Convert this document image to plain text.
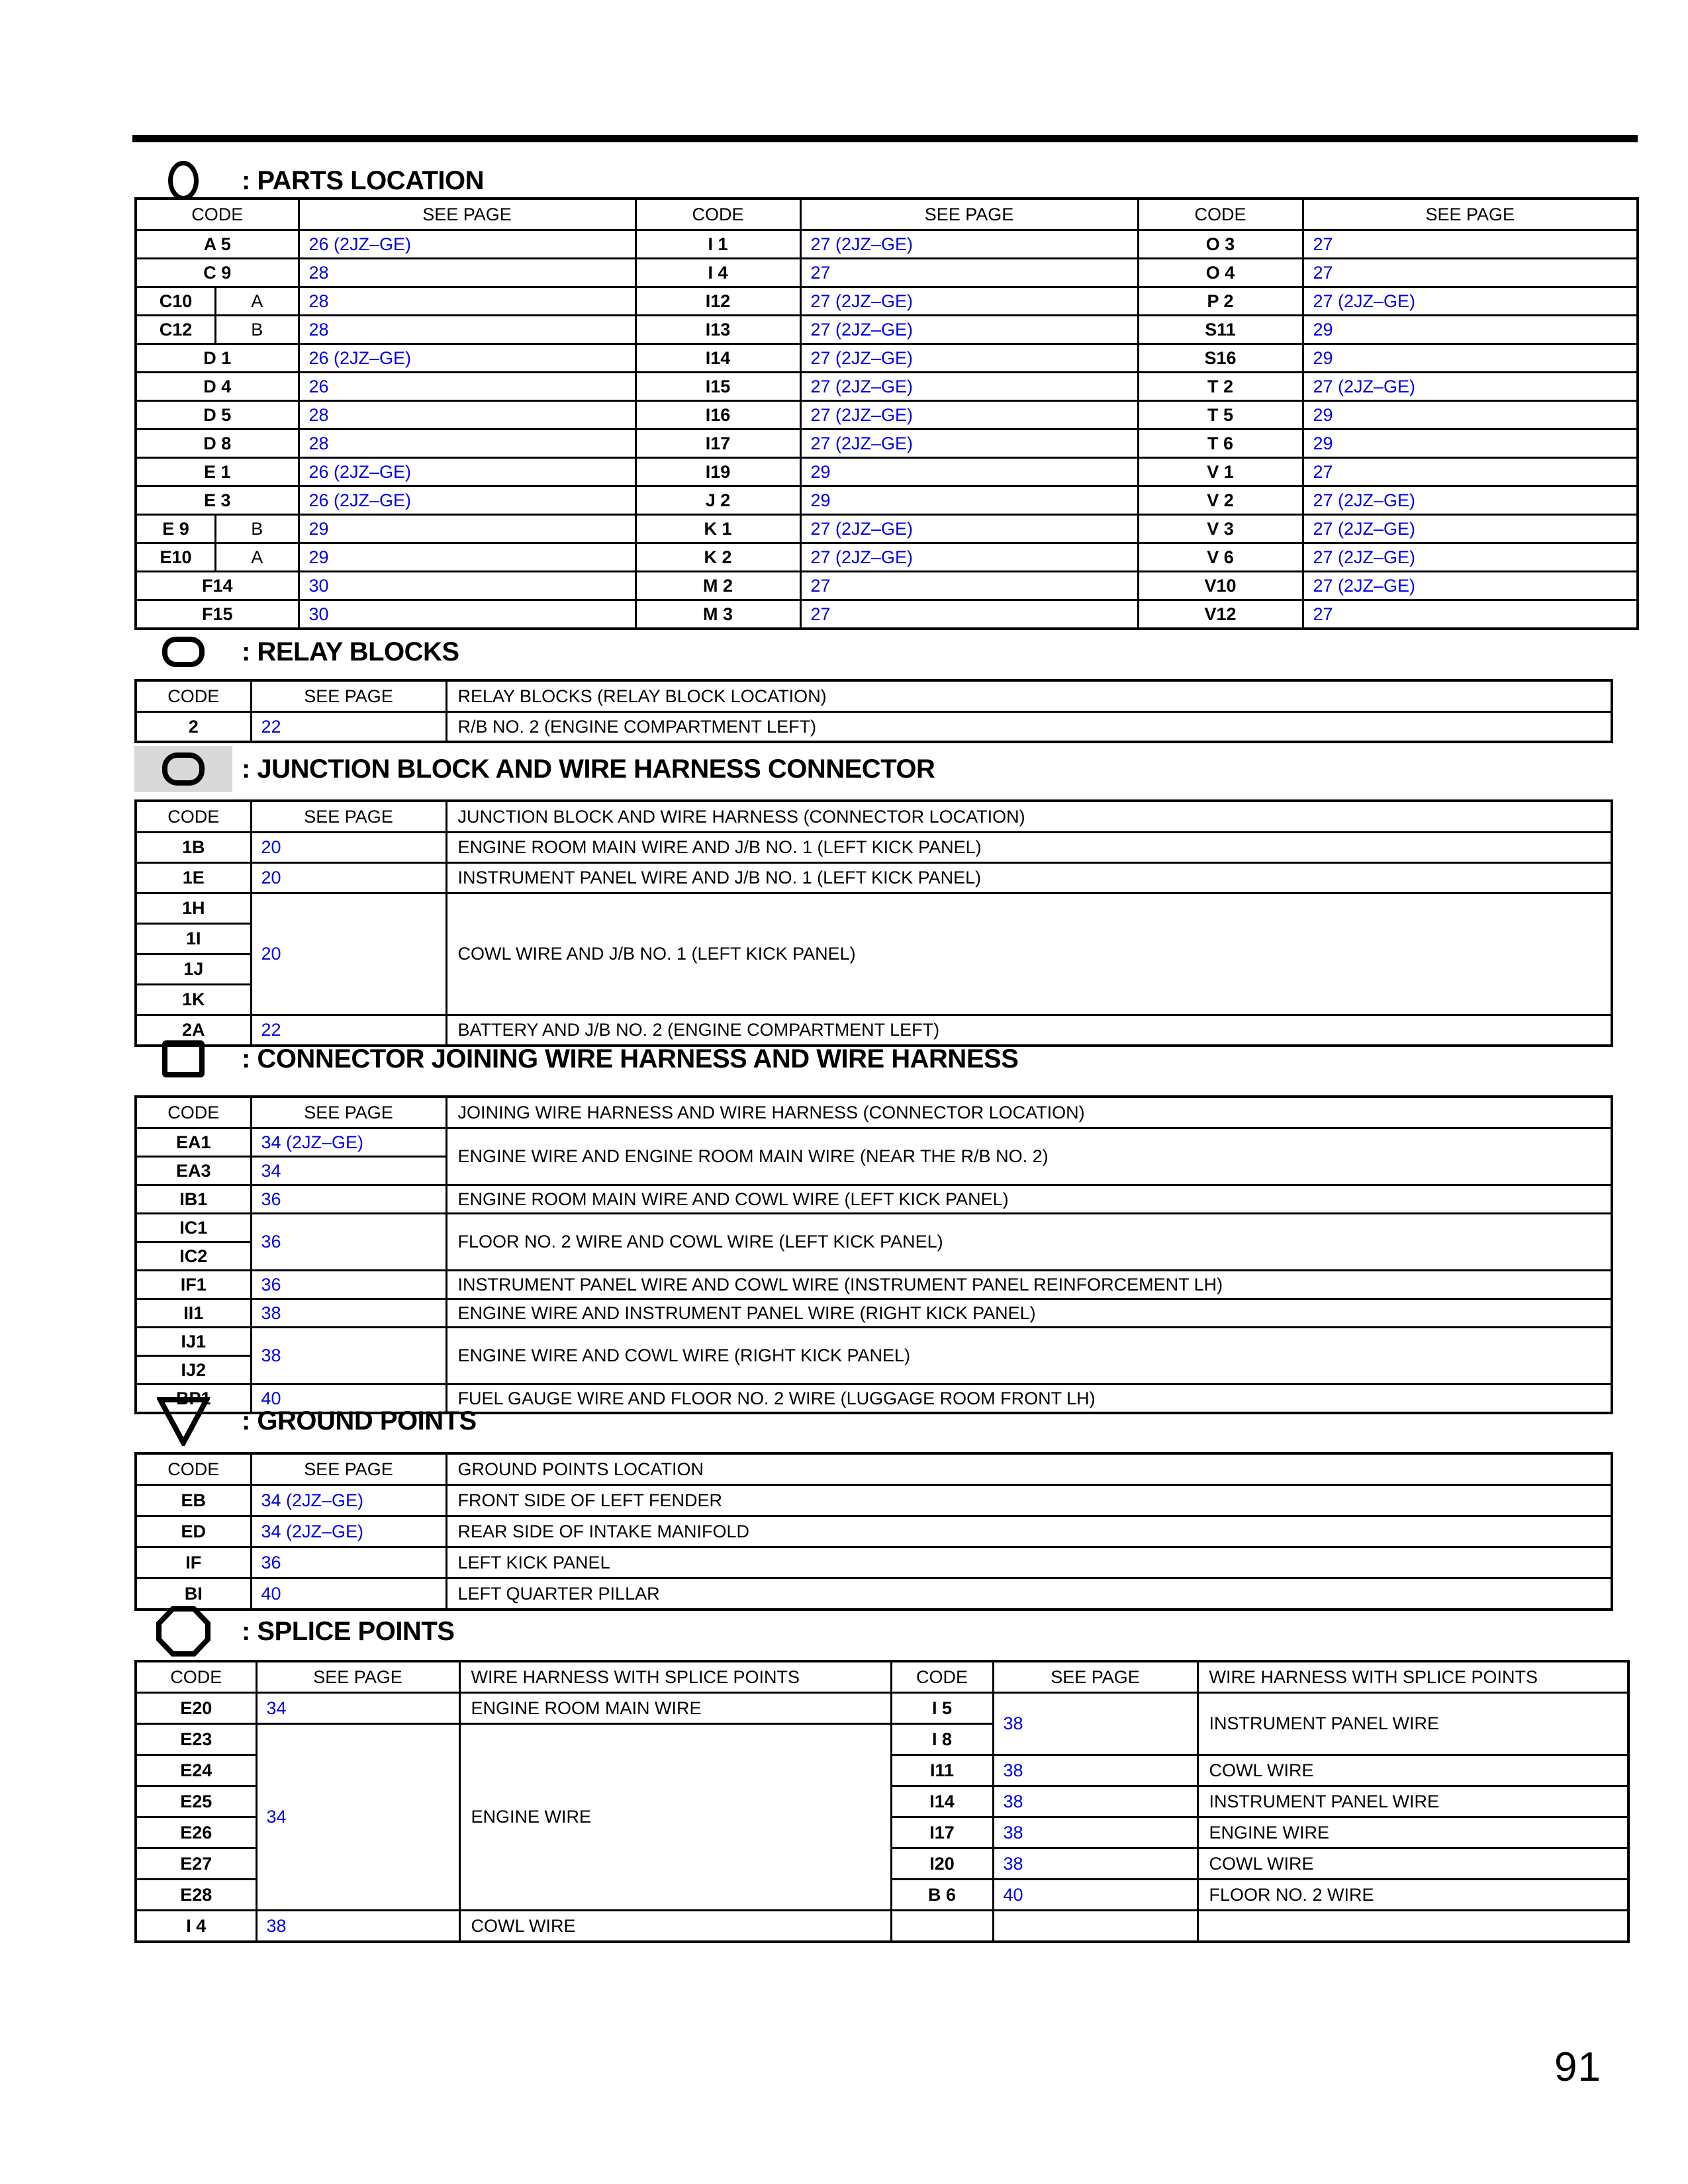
: PARTS LOCATION
CODE	SEE PAGE	CODE	SEE PAGE	CODE	SEE PAGE
A 5	26 (2JZ–GE)	I 1	27 (2JZ–GE)	O 3	27
C 9	28	I 4	27	O 4	27

C10 A	28	I12	27 (2JZ–GE)	P 2	27 (2JZ–GE)

C12 B	28	I13	27 (2JZ–GE)	S11	29
D 1	26 (2JZ–GE)	I14	27 (2JZ–GE)	S16	29
D 4	26	I15	27 (2JZ–GE)	T 2	27 (2JZ–GE)
D 5	28	I16	27 (2JZ–GE)	T 5	29
D 8	28	I17	27 (2JZ–GE)	T 6	29
E 1	26 (2JZ–GE)	I19	29	V 1	27
E 3	26 (2JZ–GE)	J 2	29	V 2	27 (2JZ–GE)

E 9 B	29	K 1	27 (2JZ–GE)	V 3	27 (2JZ–GE)

E10 A	29	K 2	27 (2JZ–GE)	V 6	27 (2JZ–GE)
F14	30	M 2	27	V10	27 (2JZ–GE)
F15	30	M 3	27	V12	27
: RELAY BLOCKS
CODE	SEE PAGE	RELAY BLOCKS (RELAY BLOCK LOCATION)
2	22	R/B NO. 2 (ENGINE COMPARTMENT LEFT)
: JUNCTION BLOCK AND WIRE HARNESS CONNECTOR
CODE	SEE PAGE	JUNCTION BLOCK AND WIRE HARNESS (CONNECTOR LOCATION)
1B	20	ENGINE ROOM MAIN WIRE AND J/B NO. 1 (LEFT KICK PANEL)
1E	20	INSTRUMENT PANEL WIRE AND J/B NO. 1 (LEFT KICK PANEL)
1H	20	COWL WIRE AND J/B NO. 1 (LEFT KICK PANEL)
1I		
1J		
1K		
2A	22	BATTERY AND J/B NO. 2 (ENGINE COMPARTMENT LEFT)
: CONNECTOR JOINING WIRE HARNESS AND WIRE HARNESS
CODE	SEE PAGE	JOINING WIRE HARNESS AND WIRE HARNESS (CONNECTOR LOCATION)
EA1	34 (2JZ–GE)	ENGINE WIRE AND ENGINE ROOM MAIN WIRE (NEAR THE R/B NO. 2)
EA3	34	
IB1	36	ENGINE ROOM MAIN WIRE AND COWL WIRE (LEFT KICK PANEL)
IC1	36	FLOOR NO. 2 WIRE AND COWL WIRE (LEFT KICK PANEL)
IC2		
IF1	36	INSTRUMENT PANEL WIRE AND COWL WIRE (INSTRUMENT PANEL REINFORCEMENT LH)
II1	38	ENGINE WIRE AND INSTRUMENT PANEL WIRE (RIGHT KICK PANEL)
IJ1	38	ENGINE WIRE AND COWL WIRE (RIGHT KICK PANEL)
IJ2		
BP1	40	FUEL GAUGE WIRE AND FLOOR NO. 2 WIRE (LUGGAGE ROOM FRONT LH)
: GROUND POINTS
CODE	SEE PAGE	GROUND POINTS LOCATION
EB	34 (2JZ–GE)	FRONT SIDE OF LEFT FENDER
ED	34 (2JZ–GE)	REAR SIDE OF INTAKE MANIFOLD
IF	36	LEFT KICK PANEL
BI	40	LEFT QUARTER PILLAR
: SPLICE POINTS
CODE	SEE PAGE	WIRE HARNESS WITH SPLICE POINTS	CODE	SEE PAGE	WIRE HARNESS WITH SPLICE POINTS
E20	34	ENGINE ROOM MAIN WIRE	I 5	38	INSTRUMENT PANEL WIRE
E23	34	ENGINE WIRE	I 8		
E24			I11	38	COWL WIRE
E25			I14	38	INSTRUMENT PANEL WIRE
E26			I17	38	ENGINE WIRE
E27			I20	38	COWL WIRE
E28			B 6	40	FLOOR NO. 2 WIRE
I 4	38	COWL WIRE			
91
